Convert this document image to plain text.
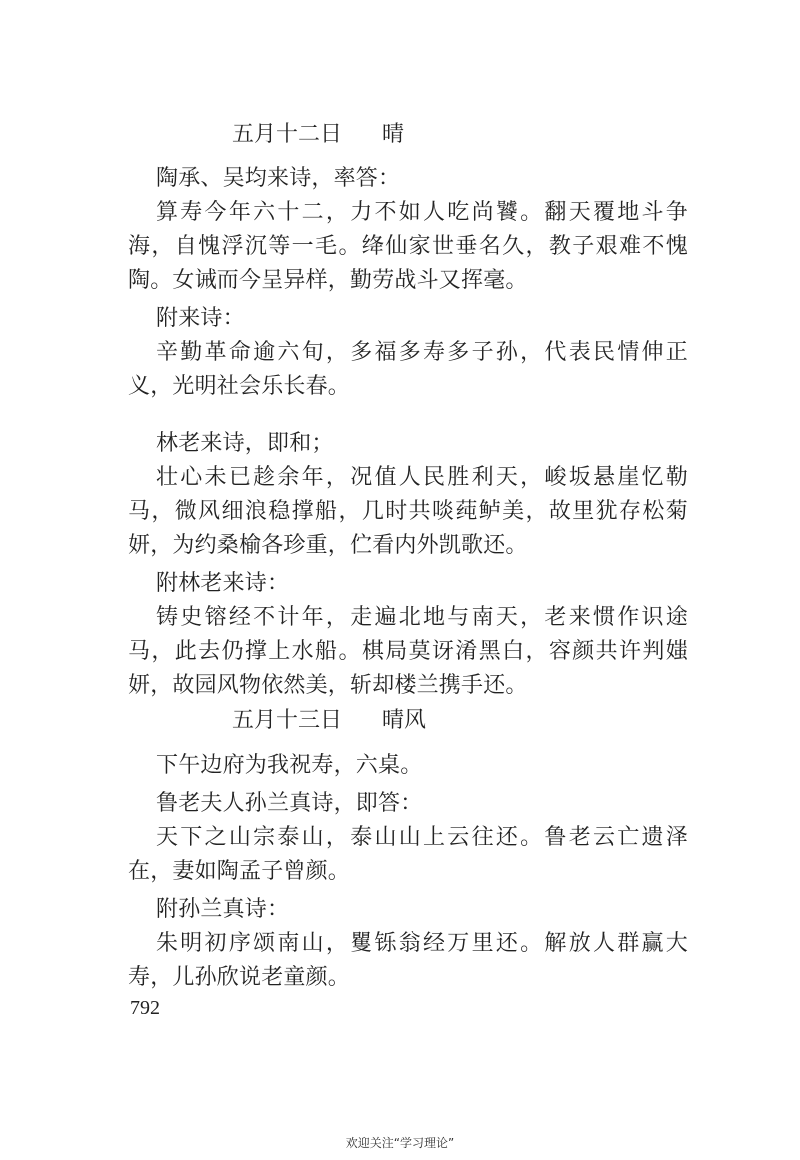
五月十二日 晴

陶承、吴均来诗，率答：

算寿今年六十二，力不如人吃尚饕。翻天覆地斗争海，自愧浮沉等一毛。绛仙家世垂名久，教子艰难不愧陶。女诫而今呈异样，勤劳战斗又挥毫。

附来诗：

辛勤革命逾六旬，多福多寿多子孙，代表民情伸正义，光明社会乐长春。

林老来诗，即和；

壮心未已趁余年，况值人民胜利天，峻坂悬崖忆勒马，微风细浪稳撑船，几时共啖莼鲈美，故里犹存松菊妍，为约桑榆各珍重，伫看内外凯歌还。

附林老来诗：

铸史镕经不计年，走遍北地与南天，老来惯作识途马，此去仍撑上水船。棋局莫讶淆黑白，容颜共许判媸妍，故园风物依然美，斩却楼兰携手还。

五月十三日 晴风

下午边府为我祝寿，六桌。

鲁老夫人孙兰真诗，即答：

天下之山宗泰山，泰山山上云往还。鲁老云亡遗泽在，妻如陶孟子曾颜。

附孙兰真诗：

朱明初序颂南山，矍铄翁经万里还。解放人群赢大寿，儿孙欣说老童颜。

792
欢迎关注“学习理论”
